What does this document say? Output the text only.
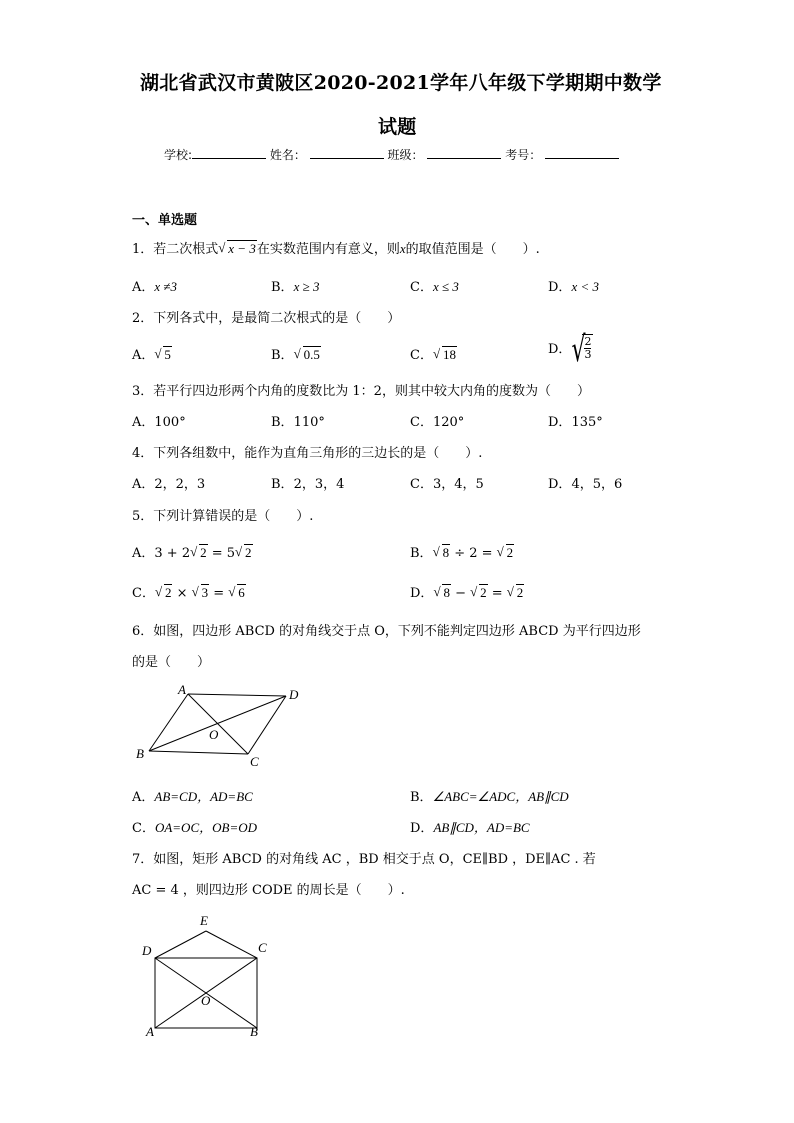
湖北省武汉市黄陂区2020-2021学年八年级下学期期中数学
试题
学校:	姓名：	班级：	考号：
一、单选题
1．若二次根式 √ x − 3在实数范围内有意义，则x的取值范围是（　　）.
A．x ≠3	B．x ≥ 3	C．x ≤ 3	D．x < 3
2．下列各式中，是最简二次根式的是（　　）
A． √ 5	B． √ 0.5	C． √ 18	D． √ $\frac{2}{3}$
3．若平行四边形两个内角的度数比为 1：2，则其中较大内角的度数为（　　）
A．100°	B．110°	C．120°	D．135°
4．下列各组数中，能作为直角三角形的三边长的是（　　）.
A．2，2，3	B．2，3，4	C．3，4，5	D．4，5，6
5．下列计算错误的是（　　）.
A．3 + 2 √ 2 = 5 √ 2	B． √ 8 ÷ 2 = √ 2
C． √ 2 × √ 3 = √ 6	D． √ 8 − √ 2 = √ 2
6．如图，四边形 ABCD 的对角线交于点 O，下列不能判定四边形 ABCD 为平行四边形
的是（　　）
A	D
O
B
C
A．AB=CD，AD=BC	B．∠ABC=∠ADC，AB∥CD
C．OA=OC，OB=OD	D．AB∥CD，AD=BC
7．如图，矩形 ABCD 的对角线 AC ，BD 相交于点 O，CE∥BD ，DE∥AC . 若
AC = 4 ，则四边形 CODE 的周长是（　　）.
E
D	C
O
A	B
